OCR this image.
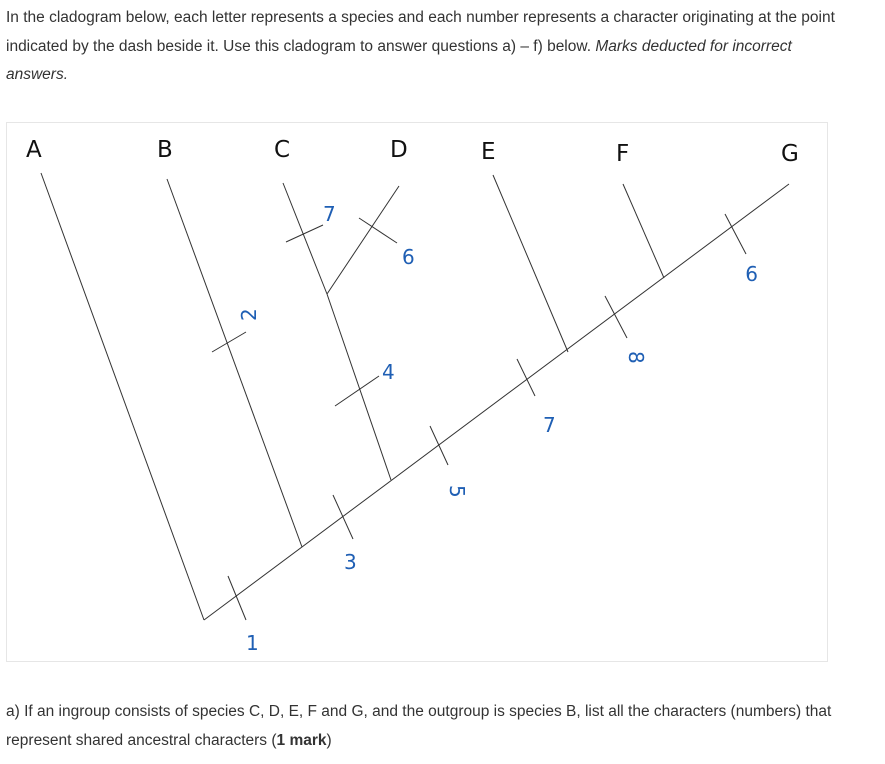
In the cladogram below, each letter represents a species and each number represents a character originating at the point indicated by the dash beside it. Use this cladogram to answer questions a) – f) below. Marks deducted for incorrect answers.

A	B	C	D	E	F	G
1
2
3
4
5
6
7
7
8
9

a) If an ingroup consists of species C, D, E, F and G, and the outgroup is species B, list all the characters (numbers) that represent shared ancestral characters (1 mark)
